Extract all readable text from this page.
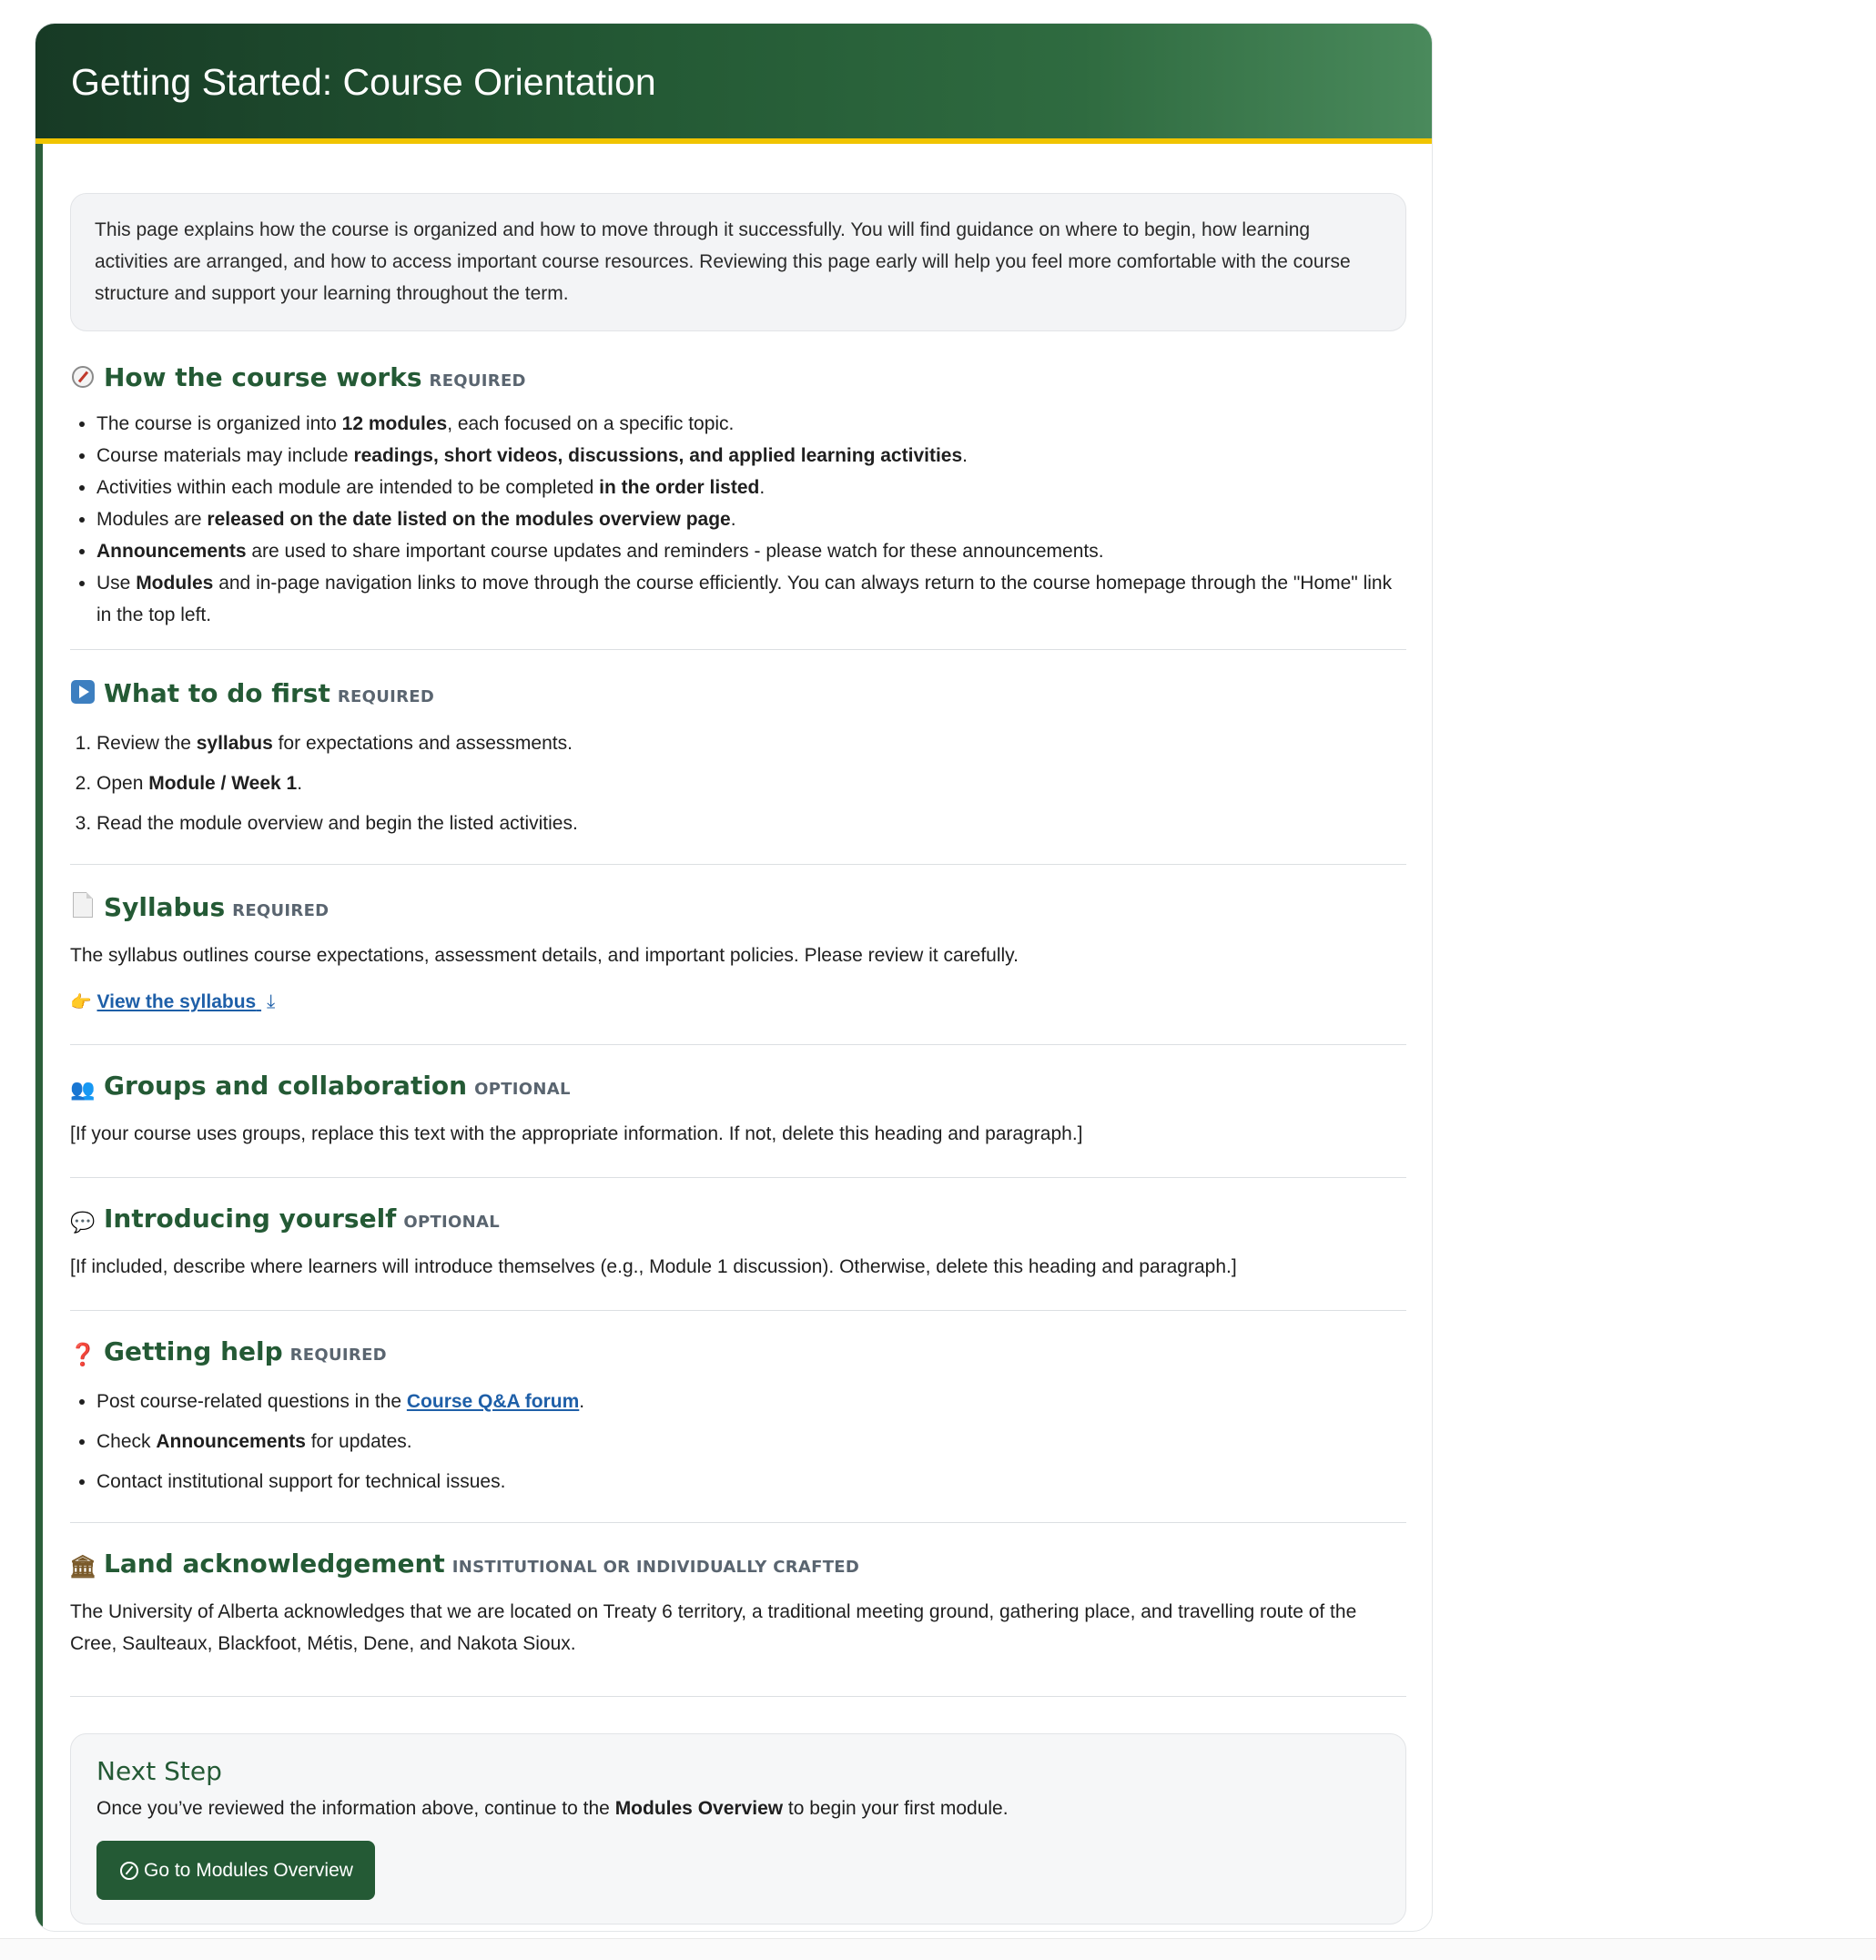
Getting Started: Course Orientation
This page explains how the course is organized and how to move through it successfully. You will find guidance on where to begin, how learning activities are arranged, and how to access important course resources. Reviewing this page early will help you feel more comfortable with the course structure and support your learning throughout the term.
How the course works REQUIRED
• The course is organized into 12 modules, each focused on a specific topic.
• Course materials may include readings, short videos, discussions, and applied learning activities.
• Activities within each module are intended to be completed in the order listed.
• Modules are released on the date listed on the modules overview page.
• Announcements are used to share important course updates and reminders - please watch for these announcements.
• Use Modules and in-page navigation links to move through the course efficiently. You can always return to the course homepage through the "Home" link in the top left.
What to do first REQUIRED
1. Review the syllabus for expectations and assessments.
2. Open Module / Week 1.
3. Read the module overview and begin the listed activities.
Syllabus REQUIRED
The syllabus outlines course expectations, assessment details, and important policies. Please review it carefully.
👉 View the syllabus ⤓
👥 Groups and collaboration OPTIONAL
[If your course uses groups, replace this text with the appropriate information. If not, delete this heading and paragraph.]
💬 Introducing yourself OPTIONAL
[If included, describe where learners will introduce themselves (e.g., Module 1 discussion). Otherwise, delete this heading and paragraph.]
❓ Getting help REQUIRED
• Post course-related questions in the Course Q&A forum.
• Check Announcements for updates.
• Contact institutional support for technical issues.
🏛 Land acknowledgement INSTITUTIONAL OR INDIVIDUALLY CRAFTED
The University of Alberta acknowledges that we are located on Treaty 6 territory, a traditional meeting ground, gathering place, and travelling route of the Cree, Saulteaux, Blackfoot, Métis, Dene, and Nakota Sioux.
Next Step
Once you’ve reviewed the information above, continue to the Modules Overview to begin your first module.
Go to Modules Overview
